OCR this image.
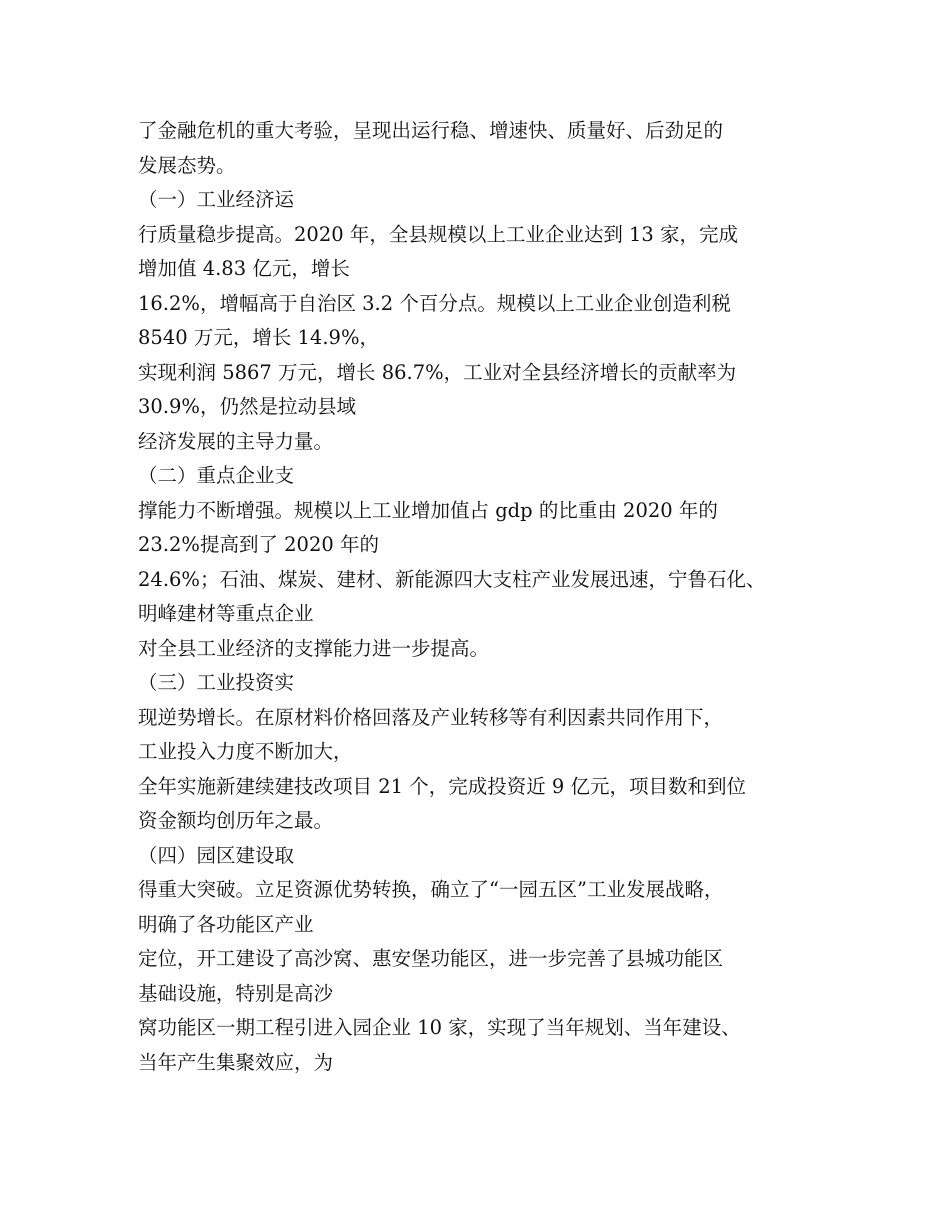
了金融危机的重大考验，呈现出运行稳、增速快、质量好、后劲足的
发展态势。
（一）工业经济运
行质量稳步提高。2020 年，全县规模以上工业企业达到 13 家，完成
增加值 4.83 亿元，增长
16.2%，增幅高于自治区 3.2 个百分点。规模以上工业企业创造利税
8540 万元，增长 14.9%，
实现利润 5867 万元，增长 86.7%，工业对全县经济增长的贡献率为
30.9%，仍然是拉动县域
经济发展的主导力量。
（二）重点企业支
撑能力不断增强。规模以上工业增加值占 gdp 的比重由 2020 年的
23.2%提高到了 2020 年的
24.6%；石油、煤炭、建材、新能源四大支柱产业发展迅速，宁鲁石化、
明峰建材等重点企业
对全县工业经济的支撑能力进一步提高。
（三）工业投资实
现逆势增长。在原材料价格回落及产业转移等有利因素共同作用下，
工业投入力度不断加大，
全年实施新建续建技改项目 21 个，完成投资近 9 亿元，项目数和到位
资金额均创历年之最。
（四）园区建设取
得重大突破。立足资源优势转换，确立了“一园五区”工业发展战略，
明确了各功能区产业
定位，开工建设了高沙窝、惠安堡功能区，进一步完善了县城功能区
基础设施，特别是高沙
窝功能区一期工程引进入园企业 10 家，实现了当年规划、当年建设、
当年产生集聚效应，为
